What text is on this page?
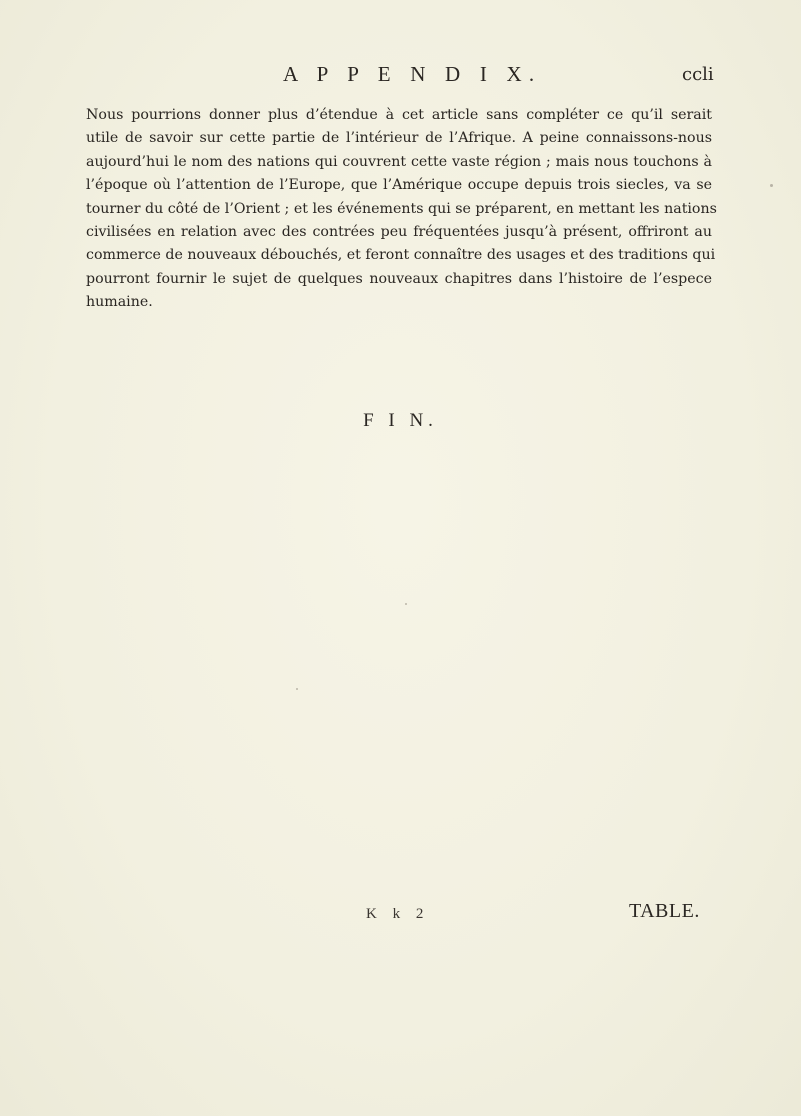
A P P E N D I X.	ccli
Nous pourrions donner plus d’étendue à cet article sans compléter ce qu’il serait
utile de savoir sur cette partie de l’intérieur de l’Afrique. A peine connaissons-nous
aujourd’hui le nom des nations qui couvrent cette vaste région ; mais nous touchons à
l’époque où l’attention de l’Europe, que l’Amérique occupe depuis trois siecles, va se
tourner du côté de l’Orient ; et les événements qui se préparent, en mettant les nations
civilisées en relation avec des contrées peu fréquentées jusqu’à présent, offriront au
commerce de nouveaux débouchés, et feront connaître des usages et des traditions qui
pourront fournir le sujet de quelques nouveaux chapitres dans l’histoire de l’espece
humaine.
F I N.
K k 2	TABLE.
